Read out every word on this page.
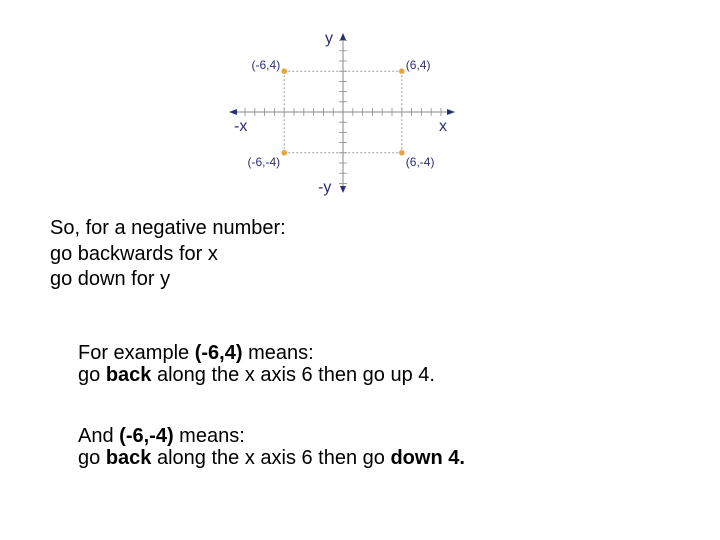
(-6,4)	(6,4)
(-6,-4)	(6,-4)
y
-y
x
-x
So, for a negative number:
go backwards for x
go down for y
For example (-6,4) means:
go back along the x axis 6 then go up 4.
And (-6,-4) means:
go back along the x axis 6 then go down 4.
